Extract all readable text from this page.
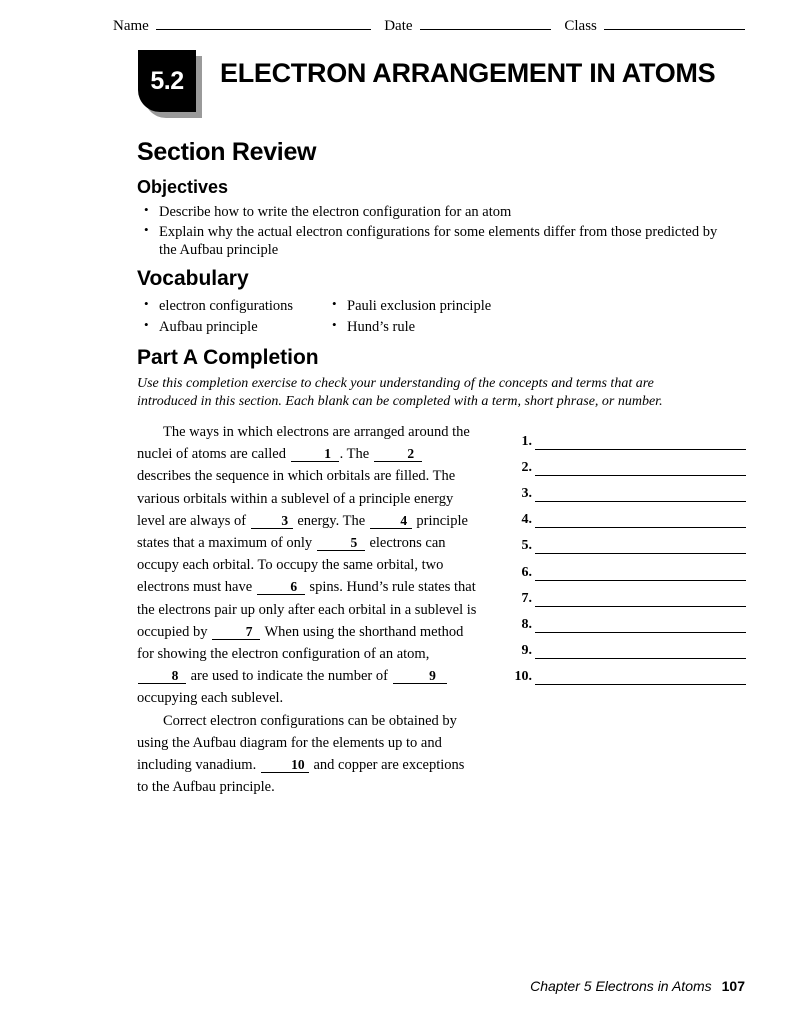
Name	Date	Class
5.2	ELECTRON ARRANGEMENT IN ATOMS
Section Review
Objectives
• Describe how to write the electron configuration for an atom
• Explain why the actual electron configurations for some elements differ from those predicted by the Aufbau principle
Vocabulary
• electron configurations
• Aufbau principle
• Pauli exclusion principle
• Hund’s rule
Part A Completion
Use this completion exercise to check your understanding of the concepts and terms that are introduced in this section. Each blank can be completed with a term, short phrase, or number.

The ways in which electrons are arranged around the nuclei of atoms are called	1 . The	2 describes the sequence in which orbitals are filled. The various orbitals within a sublevel of a principle energy level are always of 3 energy. The 4 principle states that a maximum of only	5 electrons can occupy each orbital. To occupy the same orbital, two electrons must have	6 spins. Hund’s rule states that the electrons pair up only after each orbital in a sublevel is occupied by	7 When using the shorthand method for showing the electron configuration of an atom, 8 are used to indicate the number of	9 occupying each sublevel.

Correct electron configurations can be obtained by using the Aufbau diagram for the elements up to and including vanadium. 10 and copper are exceptions to the Aufbau principle.

1.
2.
3.
4.
5.
6.
7.
8.
9.
10.
Chapter 5 Electrons in Atoms 107
